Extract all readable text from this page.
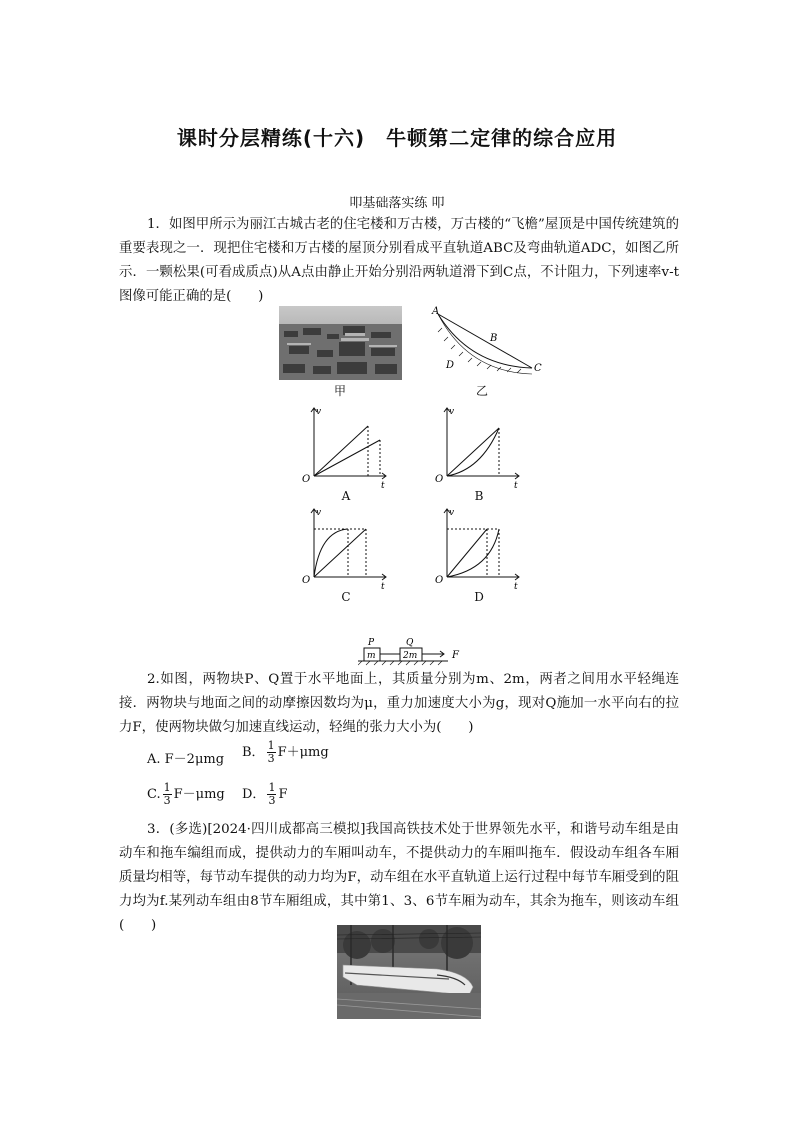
课时分层精练(十六)　牛顿第二定律的综合应用
叩基础落实练 叩
1．如图甲所示为丽江古城古老的住宅楼和万古楼，万古楼的“飞檐”屋顶是中国传统建筑的重要表现之一．现把住宅楼和万古楼的屋顶分别看成平直轨道ABC及弯曲轨道ADC，如图乙所示．一颗松果(可看成质点)从A点由静止开始分别沿两轨道滑下到C点，不计阻力，下列速率v-t图像可能正确的是(　　)
甲
A
B
C
D
乙
v
t
O
A
v
t
O
B
v
t
O
C
v
t
O
D
P	Q
m	2m	F
2.如图，两物块P、Q置于水平地面上，其质量分别为m、2m，两者之间用水平轻绳连接．两物块与地面之间的动摩擦因数均为μ，重力加速度大小为g，现对Q施加一水平向右的拉力F，使两物块做匀加速直线运动，轻绳的张力大小为(　　)
A. F－2μmg B． $\frac{1}{3} F+\mu mg$
C. $\frac{1}{3} F-\mu mg$ D． $\frac{1}{3}$ F
3．(多选)[2024·四川成都高三模拟]我国高铁技术处于世界领先水平，和谐号动车组是由动车和拖车编组而成，提供动力的车厢叫动车，不提供动力的车厢叫拖车．假设动车组各车厢质量均相等，每节动车提供的动力均为F，动车组在水平直轨道上运行过程中每节车厢受到的阻力均为f.某列动车组由8节车厢组成，其中第1、3、6节车厢为动车，其余为拖车，则该动车组(　　)
